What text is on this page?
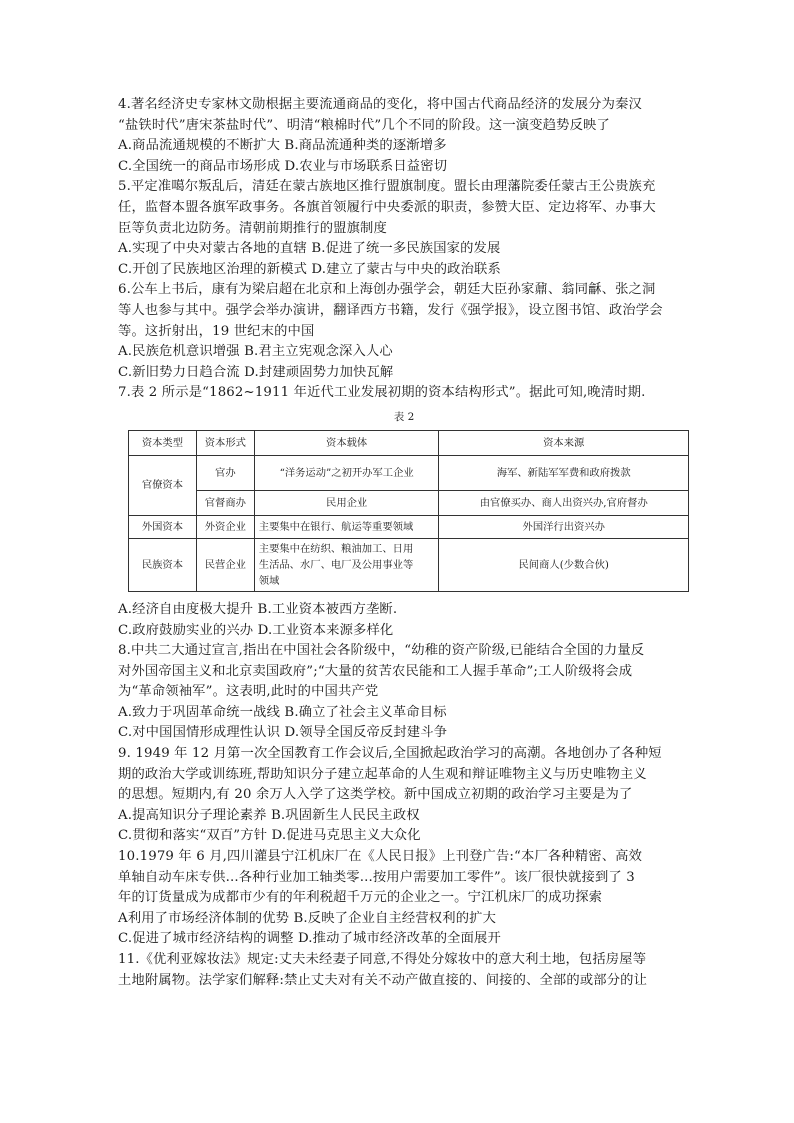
4.著名经济史专家林文勋根据主要流通商品的变化，将中国古代商品经济的发展分为秦汉

“盐铁时代”唐宋茶盐时代”、明清“粮棉时代”几个不同的阶段。这一演变趋势反映了

A.商品流通规模的不断扩大 B.商品流通种类的逐渐增多

C.全国统一的商品市场形成 D.农业与市场联系日益密切

5.平定准噶尔叛乱后，清廷在蒙古族地区推行盟旗制度。盟长由理藩院委任蒙古王公贵族充

任，监督本盟各旗军政事务。各旗首领履行中央委派的职责，参赞大臣、定边将军、办事大

臣等负责北边防务。清朝前期推行的盟旗制度

A.实现了中央对蒙古各地的直辖 B.促进了统一多民族国家的发展

C.开创了民族地区治理的新模式 D.建立了蒙古与中央的政治联系

6.公车上书后，康有为梁启超在北京和上海创办强学会，朝廷大臣孙家鼐、翁同龢、张之洞

等人也参与其中。强学会举办演讲，翻译西方书籍，发行《强学报》，设立图书馆、政治学会

等。这折射出，19 世纪末的中国

A.民族危机意识增强 B.君主立宪观念深入人心

C.新旧势力日趋合流 D.封建顽固势力加快瓦解

7.表 2 所示是“1862~1911 年近代工业发展初期的资本结构形式”。据此可知,晚清时期.

表 2
资本类型	资本形式	资本载体	资本来源
官僚资本	官办	“洋务运动”之初开办军工企业	海军、新陆军军费和政府拨款
	官督商办	民用企业	由官僚买办、商人出资兴办,官府督办
外国资本	外资企业	主要集中在银行、航运等重要领域	外国洋行出资兴办
民族资本	民营企业	主要集中在纺织、粮油加工、日用
生活品、水厂、电厂及公用事业等
领域	民间商人(少数合伙)

A.经济自由度极大提升 B.工业资本被西方垄断.

C.政府鼓励实业的兴办 D.工业资本来源多样化

8.中共二大通过宣言,指出在中国社会各阶级中，“幼稚的资产阶级,已能结合全国的力量反

对外国帝国主义和北京卖国政府”;“大量的贫苦农民能和工人握手革命”;工人阶级将会成

为“革命领袖军”。这表明,此时的中国共产党

A.致力于巩固革命统一战线 B.确立了社会主义革命目标

C.对中国国情形成理性认识 D.领导全国反帝反封建斗争

9. 1949 年 12 月第一次全国教育工作会议后,全国掀起政治学习的高潮。各地创办了各种短

期的政治大学或训练班,帮助知识分子建立起革命的人生观和辩证唯物主义与历史唯物主义

的思想。短期内,有 20 余万人入学了这类学校。新中国成立初期的政治学习主要是为了

A.提高知识分子理论素养 B.巩固新生人民民主政权

C.贯彻和落实“双百”方针 D.促进马克思主义大众化

10.1979 年 6 月,四川灌县宁江机床厂在《人民日报》上刊登广告:“本厂各种精密、高效

单轴自动车床专供...各种行业加工轴类零...按用户需要加工零件”。该厂很快就接到了 3

年的订货量成为成都市少有的年利税超千万元的企业之一。宁江机床厂的成功探索

A利用了市场经济体制的优势 B.反映了企业自主经营权利的扩大

C.促进了城市经济结构的调整 D.推动了城市经济改革的全面展开

11.《优利亚嫁妆法》规定:丈夫未经妻子同意,不得处分嫁妆中的意大利土地，包括房屋等

土地附属物。法学家们解释:禁止丈夫对有关不动产做直接的、间接的、全部的或部分的让
